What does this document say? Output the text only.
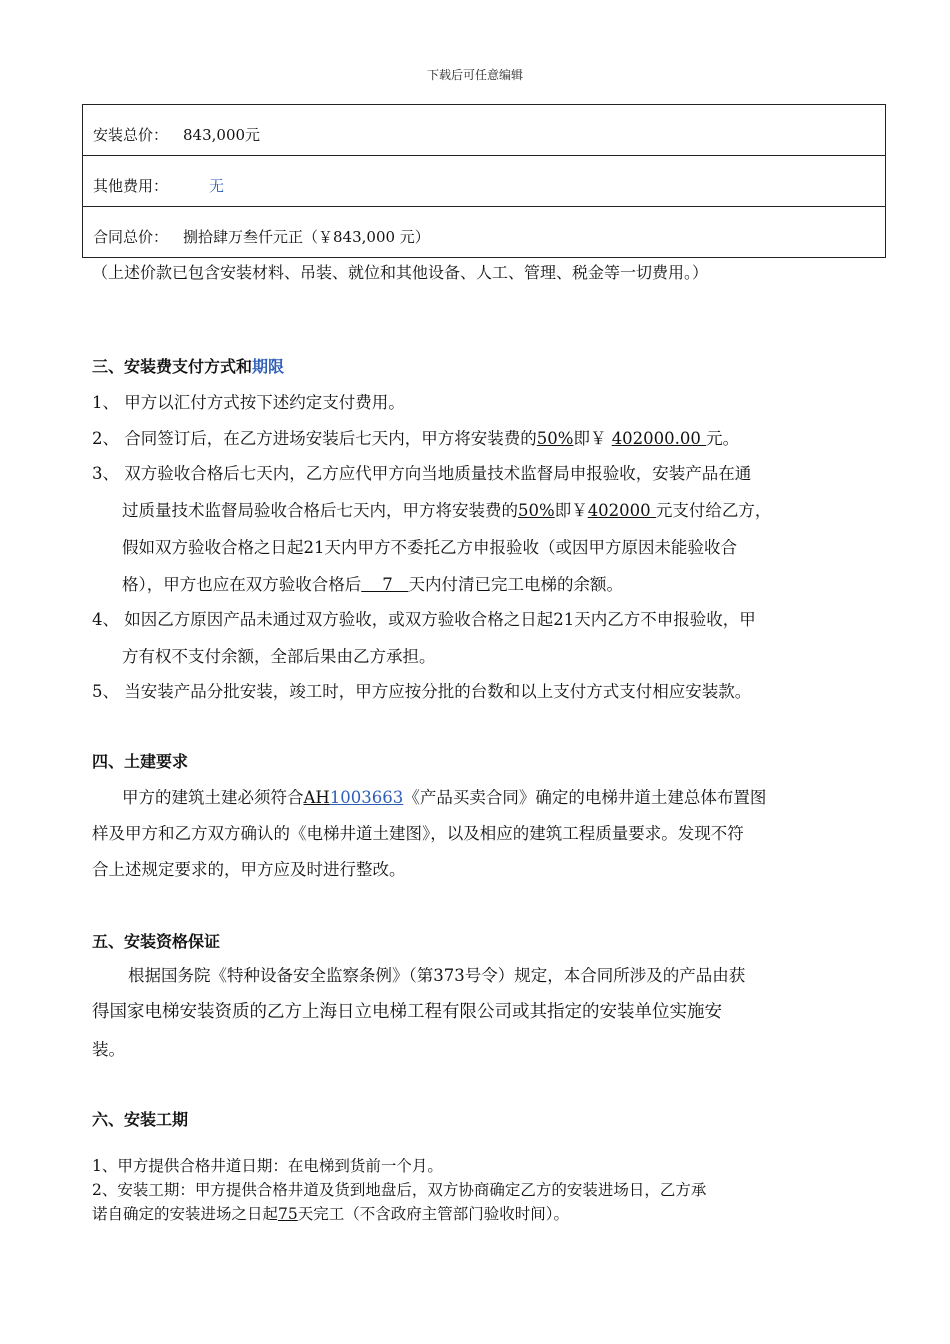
下载后可任意编辑
安装总价： 843,000元
其他费用：	无
合同总价： 捌拾肆万叁仟元正（￥843,000 元）
（上述价款已包含安装材料、吊装、就位和其他设备、人工、管理、税金等一切费用。）
三、安装费支付方式和期限
1、 甲方以汇付方式按下述约定支付费用。
2、 合同签订后，在乙方进场安装后七天内，甲方将安装费的50%即￥ 402000.00 元。
3、 双方验收合格后七天内，乙方应代甲方向当地质量技术监督局申报验收，安装产品在通
过质量技术监督局验收合格后七天内，甲方将安装费的50%即￥402000 元支付给乙方，
假如双方验收合格之日起21天内甲方不委托乙方申报验收（或因甲方原因未能验收合
格），甲方也应在双方验收合格后    7   天内付清已完工电梯的余额。
4、 如因乙方原因产品未通过双方验收，或双方验收合格之日起21天内乙方不申报验收，甲
方有权不支付余额，全部后果由乙方承担。
5、 当安装产品分批安装，竣工时，甲方应按分批的台数和以上支付方式支付相应安装款。
四、土建要求
甲方的建筑土建必须符合AH1003663《产品买卖合同》确定的电梯井道土建总体布置图
样及甲方和乙方双方确认的《电梯井道土建图》，以及相应的建筑工程质量要求。发现不符
合上述规定要求的，甲方应及时进行整改。
五、安装资格保证
根据国务院《特种设备安全监察条例》（第373号令）规定，本合同所涉及的产品由获
得国家电梯安装资质的乙方上海日立电梯工程有限公司或其指定的安装单位实施安
装。
六、安装工期
1、甲方提供合格井道日期：在电梯到货前一个月。
2、安装工期：甲方提供合格井道及货到地盘后，双方协商确定乙方的安装进场日，乙方承
诺自确定的安装进场之日起75天完工（不含政府主管部门验收时间）。
